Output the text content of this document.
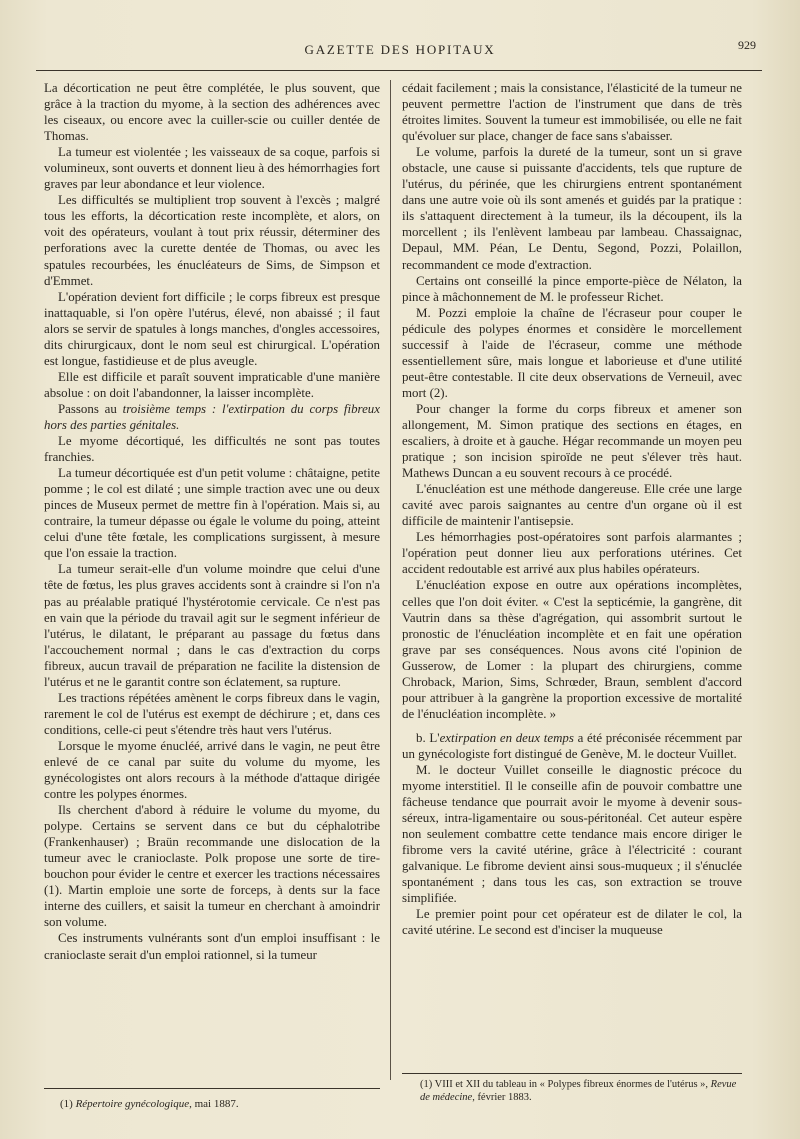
GAZETTE DES HOPITAUX	929

La décortication ne peut être complétée, le plus souvent, que grâce à la traction du myome, à la section des adhérences avec les ciseaux, ou encore avec la cuiller-scie ou cuiller dentée de Thomas.

La tumeur est violentée ; les vaisseaux de sa coque, parfois si volumineux, sont ouverts et donnent lieu à des hémorrhagies fort graves par leur abondance et leur violence.

Les difficultés se multiplient trop souvent à l'excès ; malgré tous les efforts, la décortication reste incomplète, et alors, on voit des opérateurs, voulant à tout prix réussir, déterminer des perforations avec la curette dentée de Thomas, ou avec les spatules recourbées, les énucléateurs de Sims, de Simpson et d'Emmet.

L'opération devient fort difficile ; le corps fibreux est presque inattaquable, si l'on opère l'utérus, élevé, non abaissé ; il faut alors se servir de spatules à longs manches, d'ongles accessoires, dits chirurgicaux, dont le nom seul est chirurgical. L'opération est longue, fastidieuse et de plus aveugle.

Elle est difficile et paraît souvent impraticable d'une manière absolue : on doit l'abandonner, la laisser incomplète.

Passons au troisième temps : l'extirpation du corps fibreux hors des parties génitales.

Le myome décortiqué, les difficultés ne sont pas toutes franchies.

La tumeur décortiquée est d'un petit volume : châtaigne, petite pomme ; le col est dilaté ; une simple traction avec une ou deux pinces de Museux permet de mettre fin à l'opération. Mais si, au contraire, la tumeur dépasse ou égale le volume du poing, atteint celui d'une tête fœtale, les complications surgissent, à mesure que l'on essaie la traction.

La tumeur serait-elle d'un volume moindre que celui d'une tête de fœtus, les plus graves accidents sont à craindre si l'on n'a pas au préalable pratiqué l'hystérotomie cervicale. Ce n'est pas en vain que la période du travail agit sur le segment inférieur de l'utérus, le dilatant, le préparant au passage du fœtus dans l'accouchement normal ; dans le cas d'extraction du corps fibreux, aucun travail de préparation ne facilite la distension de l'utérus et ne le garantit contre son éclatement, sa rupture.

Les tractions répétées amènent le corps fibreux dans le vagin, rarement le col de l'utérus est exempt de déchirure ; et, dans ces conditions, celle-ci peut s'étendre très haut vers l'utérus.

Lorsque le myome énucléé, arrivé dans le vagin, ne peut être enlevé de ce canal par suite du volume du myome, les gynécologistes ont alors recours à la méthode d'attaque dirigée contre les polypes énormes.

Ils cherchent d'abord à réduire le volume du myome, du polype. Certains se servent dans ce but du céphalotribe (Frankenhauser) ; Braün recommande une dislocation de la tumeur avec le cranioclaste. Polk propose une sorte de tire-bouchon pour évider le centre et exercer les tractions nécessaires (1). Martin emploie une sorte de forceps, à dents sur la face interne des cuillers, et saisit la tumeur en cherchant à amoindrir son volume.

Ces instruments vulnérants sont d'un emploi insuffisant : le cranioclaste serait d'un emploi rationnel, si la tumeur

cédait facilement ; mais la consistance, l'élasticité de la tumeur ne peuvent permettre l'action de l'instrument que dans de très étroites limites. Souvent la tumeur est immobilisée, ou elle ne fait qu'évoluer sur place, changer de face sans s'abaisser.

Le volume, parfois la dureté de la tumeur, sont un si grave obstacle, une cause si puissante d'accidents, tels que rupture de l'utérus, du périnée, que les chirurgiens entrent spontanément dans une autre voie où ils sont amenés et guidés par la pratique : ils s'attaquent directement à la tumeur, ils la découpent, ils la morcellent ; ils l'enlèvent lambeau par lambeau. Chassaignac, Depaul, MM. Péan, Le Dentu, Segond, Pozzi, Polaillon, recommandent ce mode d'extraction.

Certains ont conseillé la pince emporte-pièce de Nélaton, la pince à mâchonnement de M. le professeur Richet.

M. Pozzi emploie la chaîne de l'écraseur pour couper le pédicule des polypes énormes et considère le morcellement successif à l'aide de l'écraseur, comme une méthode essentiellement sûre, mais longue et laborieuse et d'une utilité peut-être contestable. Il cite deux observations de Verneuil, avec mort (2).

Pour changer la forme du corps fibreux et amener son allongement, M. Simon pratique des sections en étages, en escaliers, à droite et à gauche. Hégar recommande un moyen peu pratique ; son incision spiroïde ne peut s'élever très haut. Mathews Duncan a eu souvent recours à ce procédé.

L'énucléation est une méthode dangereuse. Elle crée une large cavité avec parois saignantes au centre d'un organe où il est difficile de maintenir l'antisepsie.

Les hémorrhagies post-opératoires sont parfois alarmantes ; l'opération peut donner lieu aux perforations utérines. Cet accident redoutable est arrivé aux plus habiles opérateurs.

L'énucléation expose en outre aux opérations incomplètes, celles que l'on doit éviter. « C'est la septicémie, la gangrène, dit Vautrin dans sa thèse d'agrégation, qui assombrit surtout le pronostic de l'énucléation incomplète et en fait une opération grave par ses conséquences. Nous avons cité l'opinion de Gusserow, de Lomer : la plupart des chirurgiens, comme Chroback, Marion, Sims, Schrœder, Braun, semblent d'accord pour attribuer à la gangrène la proportion excessive de mortalité de l'énucléation incomplète. »

b. L'extirpation en deux temps a été préconisée récemment par un gynécologiste fort distingué de Genève, M. le docteur Vuillet.

M. le docteur Vuillet conseille le diagnostic précoce du myome interstitiel. Il le conseille afin de pouvoir combattre une fâcheuse tendance que pourrait avoir le myome à devenir sous-séreux, intra-ligamentaire ou sous-péritonéal. Cet auteur espère non seulement combattre cette tendance mais encore diriger le fibrome vers la cavité utérine, grâce à l'électricité : courant galvanique. Le fibrome devient ainsi sous-muqueux ; il s'énuclée spontanément ; dans tous les cas, son extraction se trouve simplifiée.

Le premier point pour cet opérateur est de dilater le col, la cavité utérine. Le second est d'inciser la muqueuse

(1) VIII et XII du tableau in « Polypes fibreux énormes de l'utérus », Revue de médecine, février 1883.
(1) Répertoire gynécologique, mai 1887.
